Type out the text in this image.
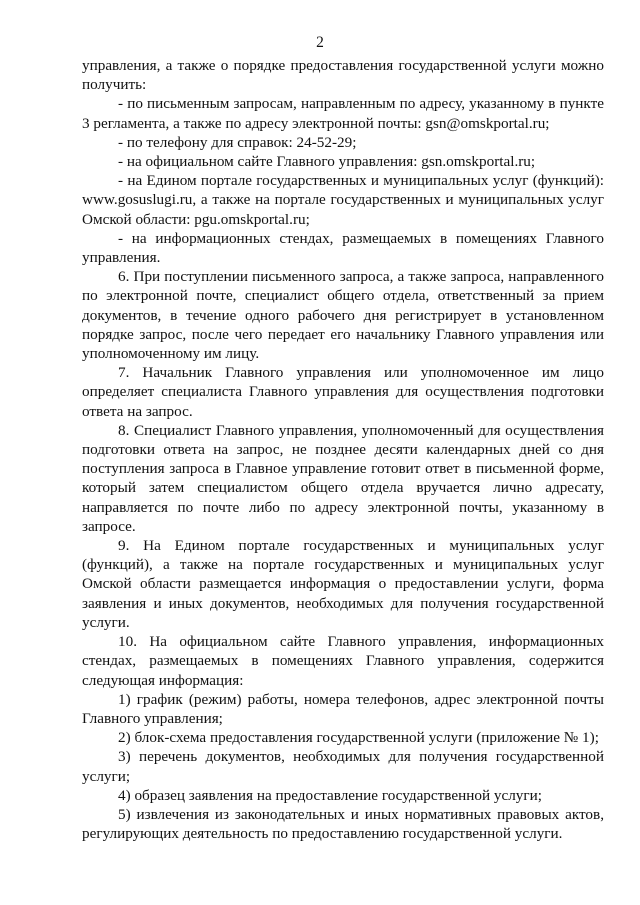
2

управления, а также о порядке предоставления государственной услуги можно получить:

- по письменным запросам, направленным по адресу, указанному в пункте 3 регламента, а также по адресу электронной почты: gsn@omskportal.ru;

- по телефону для справок: 24-52-29;

- на официальном сайте Главного управления: gsn.omskportal.ru;

- на Едином портале государственных и муниципальных услуг (функций): www.gosuslugi.ru, а также на портале государственных и муниципальных услуг Омской области: pgu.omskportal.ru;

- на информационных стендах, размещаемых в помещениях Главного управления.

6. При поступлении письменного запроса, а также запроса, направленного по электронной почте, специалист общего отдела, ответственный за прием документов, в течение одного рабочего дня регистрирует в установленном порядке запрос, после чего передает его начальнику Главного управления или уполномоченному им лицу.

7. Начальник Главного управления или уполномоченное им лицо определяет специалиста Главного управления для осуществления подготовки ответа на запрос.

8. Специалист Главного управления, уполномоченный для осуществления подготовки ответа на запрос, не позднее десяти календарных дней со дня поступления запроса в Главное управление готовит ответ в письменной форме, который затем специалистом общего отдела вручается лично адресату, направляется по почте либо по адресу электронной почты, указанному в запросе.

9. На Едином портале государственных и муниципальных услуг (функций), а также на портале государственных и муниципальных услуг Омской области размещается информация о предоставлении услуги, форма заявления и иных документов, необходимых для получения государственной услуги.

10. На официальном сайте Главного управления, информационных стендах, размещаемых в помещениях Главного управления, содержится следующая информация:

1) график (режим) работы, номера телефонов, адрес электронной почты Главного управления;

2) блок-схема предоставления государственной услуги (приложение № 1);

3) перечень документов, необходимых для получения государственной услуги;

4) образец заявления на предоставление государственной услуги;

5) извлечения из законодательных и иных нормативных правовых актов, регулирующих деятельность по предоставлению государственной услуги.
